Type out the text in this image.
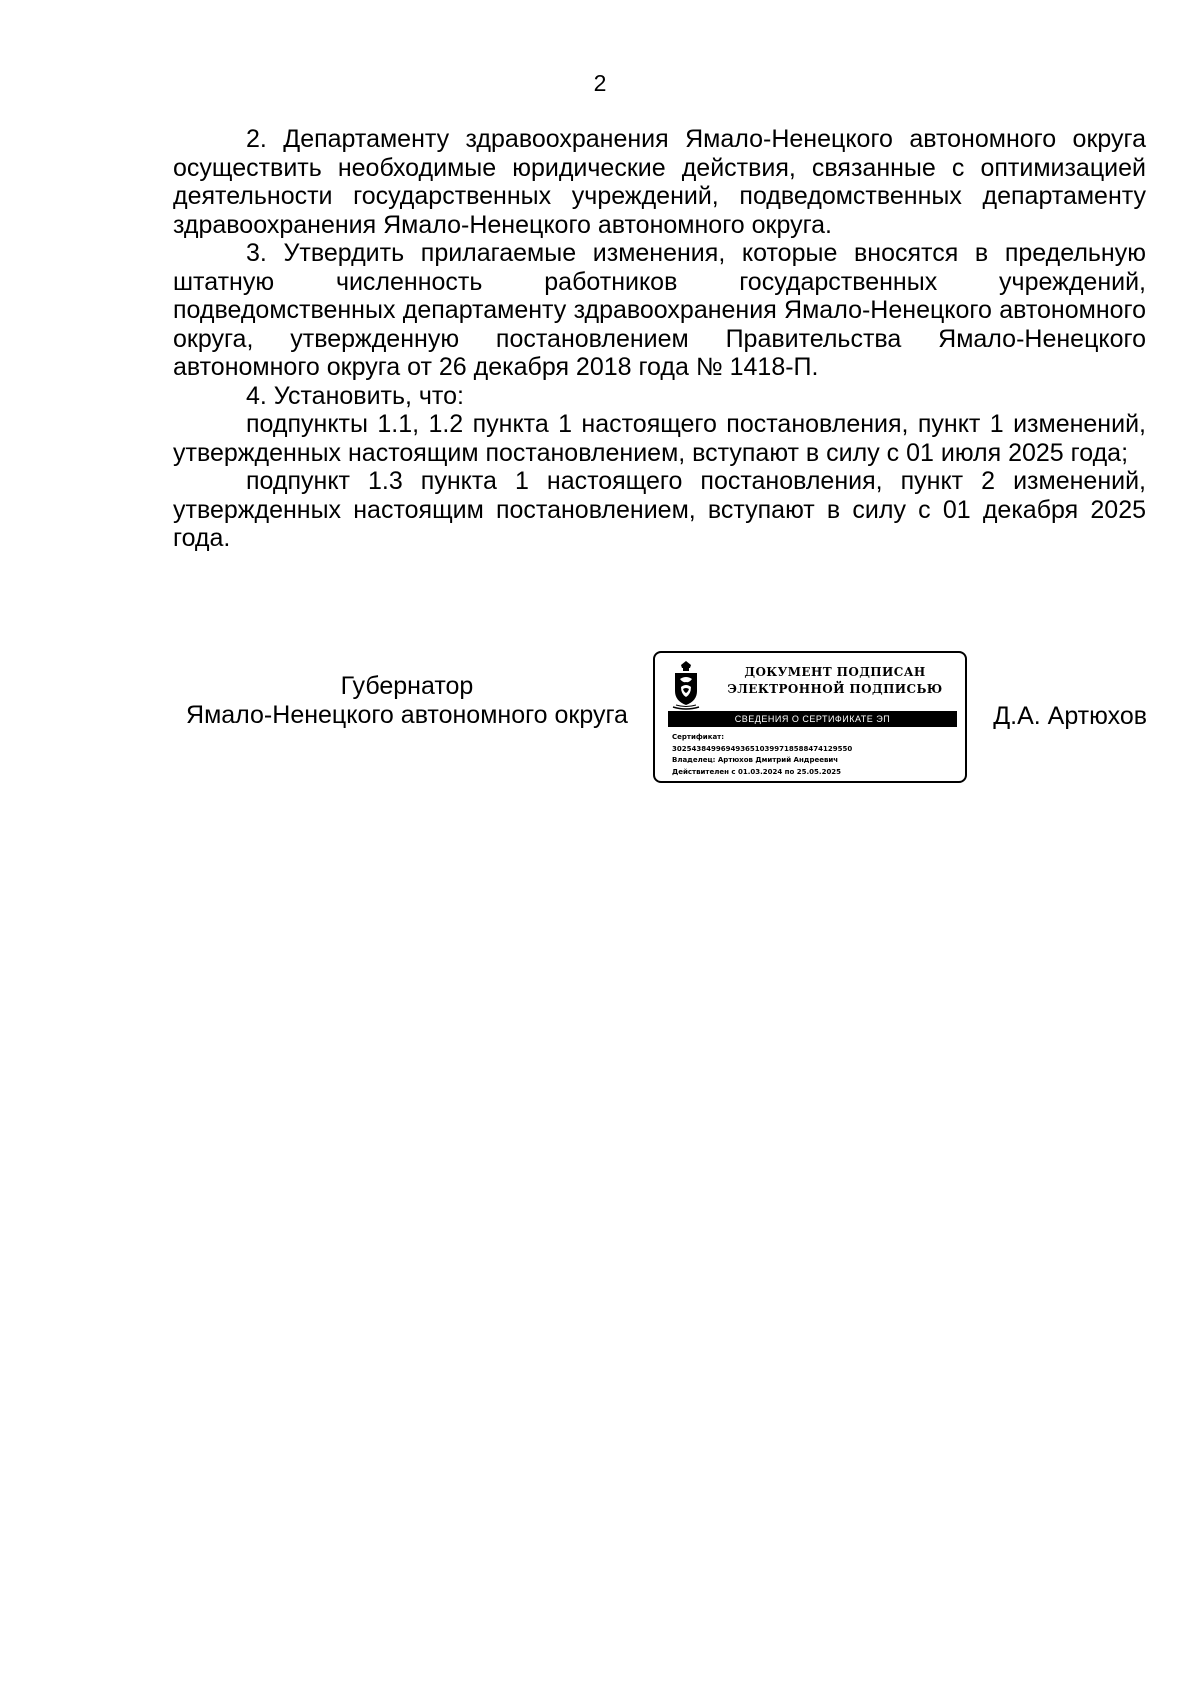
2

2. Департаменту здравоохранения Ямало-Ненецкого автономного округа осуществить необходимые юридические действия, связанные с оптимизацией деятельности государственных учреждений, подведомственных департаменту здравоохранения Ямало-Ненецкого автономного округа.

3. Утвердить прилагаемые изменения, которые вносятся в предельную штатную численность работников государственных учреждений, подведомственных департаменту здравоохранения Ямало-Ненецкого автономного округа, утвержденную постановлением Правительства Ямало-Ненецкого автономного округа от 26 декабря 2018 года № 1418-П.

4. Установить, что:

подпункты 1.1, 1.2 пункта 1 настоящего постановления, пункт 1 изменений, утвержденных настоящим постановлением, вступают в силу с 01 июля 2025 года;

подпункт 1.3 пункта 1 настоящего постановления, пункт 2 изменений, утвержденных настоящим постановлением, вступают в силу с 01 декабря 2025 года.

Губернатор
Ямало-Ненецкого автономного округа
ДОКУМЕНТ ПОДПИСАН
ЭЛЕКТРОННОЙ ПОДПИСЬЮ
СВЕДЕНИЯ О СЕРТИФИКАТЕ ЭП
Сертификат:
302543849969493651039971858847412955​0
Владелец: Артюхов Дмитрий Андреевич
Действителен с 01.03.2024 по 25.05.2025
Д.А. Артюхов
